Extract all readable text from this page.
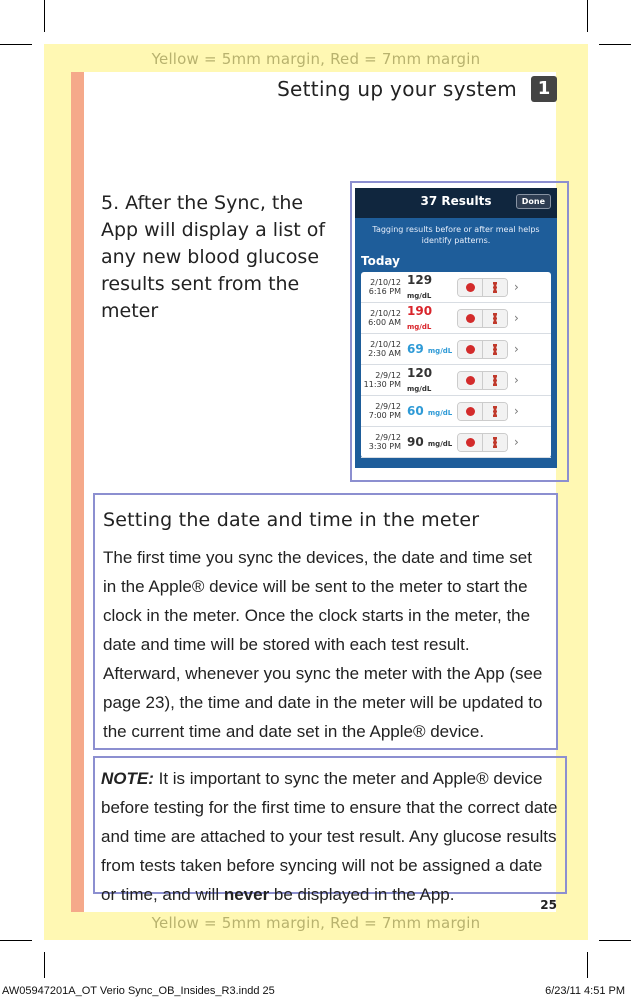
Yellow = 5mm margin, Red = 7mm margin
Yellow = 5mm margin, Red = 7mm margin
Setting up your system	1
5. After the Sync, the App will display a list of any new blood glucose results sent from the meter
37 Results	Done
Tagging results before or after meal helps identify patterns.
Today
2/10/12
6:16 PM
129 mg/dL
›
2/10/12
6:00 AM
190 mg/dL
›
2/10/12
2:30 AM 69 mg/dL	›
2/9/12
11:30 PM
120 mg/dL
›
2/9/12
7:00 PM 60 mg/dL	›
2/9/12
3:30 PM 90 mg/dL	›

Setting the date and time in the meter

The first time you sync the devices, the date and time set in the Apple® device will be sent to the meter to start the clock in the meter. Once the clock starts in the meter, the date and time will be stored with each test result. Afterward, whenever you sync the meter with the App (see page 23), the time and date in the meter will be updated to the current time and date set in the Apple® device.

NOTE: It is important to sync the meter and Apple® device before testing for the first time to ensure that the correct date and time are attached to your test result. Any glucose results from tests taken before syncing will not be assigned a date or time, and will never be displayed in the App.

25
AW05947201A_OT Verio Sync_OB_Insides_R3.indd 25	6/23/11 4:51 PM
